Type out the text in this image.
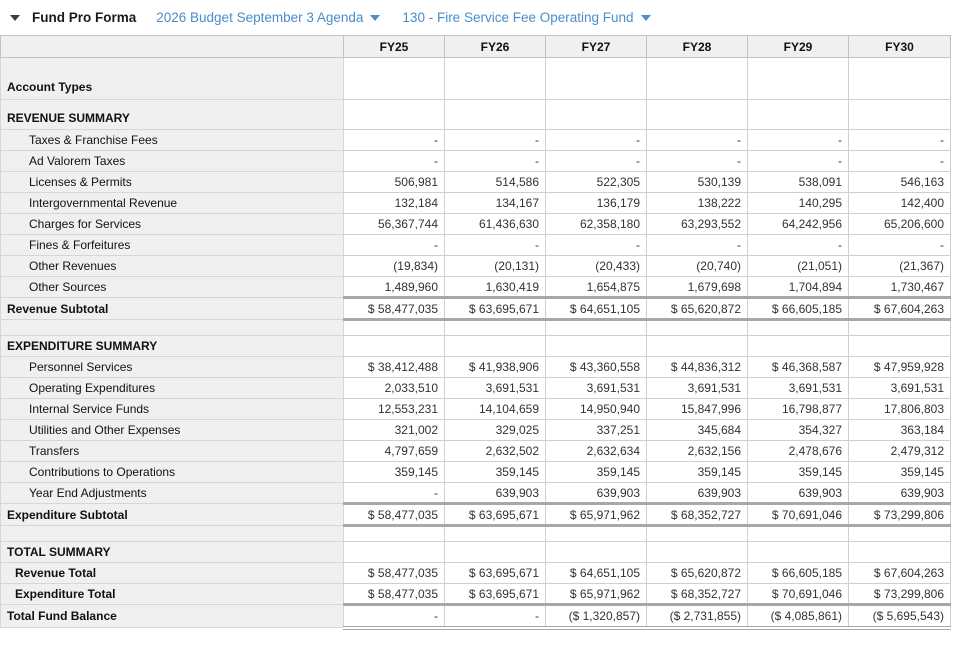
Fund Pro Forma 2026 Budget September 3 Agenda	130 - Fire Service Fee Operating Fund
	FY25	FY26	FY27	FY28	FY29	FY30
Account Types						
REVENUE SUMMARY						
Taxes & Franchise Fees	-	-	-	-	-	-
Ad Valorem Taxes	-	-	-	-	-	-
Licenses & Permits	506,981	514,586	522,305	530,139	538,091	546,163
Intergovernmental Revenue	132,184	134,167	136,179	138,222	140,295	142,400
Charges for Services	56,367,744	61,436,630	62,358,180	63,293,552	64,242,956	65,206,600
Fines & Forfeitures	-	-	-	-	-	-
Other Revenues	(19,834)	(20,131)	(20,433)	(20,740)	(21,051)	(21,367)
Other Sources	1,489,960	1,630,419	1,654,875	1,679,698	1,704,894	1,730,467
Revenue Subtotal	$ 58,477,035	$ 63,695,671	$ 64,651,105	$ 65,620,872	$ 66,605,185	$ 67,604,263

EXPENDITURE SUMMARY						
Personnel Services	$ 38,412,488	$ 41,938,906	$ 43,360,558	$ 44,836,312	$ 46,368,587	$ 47,959,928
Operating Expenditures	2,033,510	3,691,531	3,691,531	3,691,531	3,691,531	3,691,531
Internal Service Funds	12,553,231	14,104,659	14,950,940	15,847,996	16,798,877	17,806,803
Utilities and Other Expenses	321,002	329,025	337,251	345,684	354,327	363,184
Transfers	4,797,659	2,632,502	2,632,634	2,632,156	2,478,676	2,479,312
Contributions to Operations	359,145	359,145	359,145	359,145	359,145	359,145
Year End Adjustments	-	639,903	639,903	639,903	639,903	639,903
Expenditure Subtotal	$ 58,477,035	$ 63,695,671	$ 65,971,962	$ 68,352,727	$ 70,691,046	$ 73,299,806

TOTAL SUMMARY						
Revenue Total	$ 58,477,035	$ 63,695,671	$ 64,651,105	$ 65,620,872	$ 66,605,185	$ 67,604,263
Expenditure Total	$ 58,477,035	$ 63,695,671	$ 65,971,962	$ 68,352,727	$ 70,691,046	$ 73,299,806
Total Fund Balance	-	-	($ 1,320,857)	($ 2,731,855)	($ 4,085,861)	($ 5,695,543)
